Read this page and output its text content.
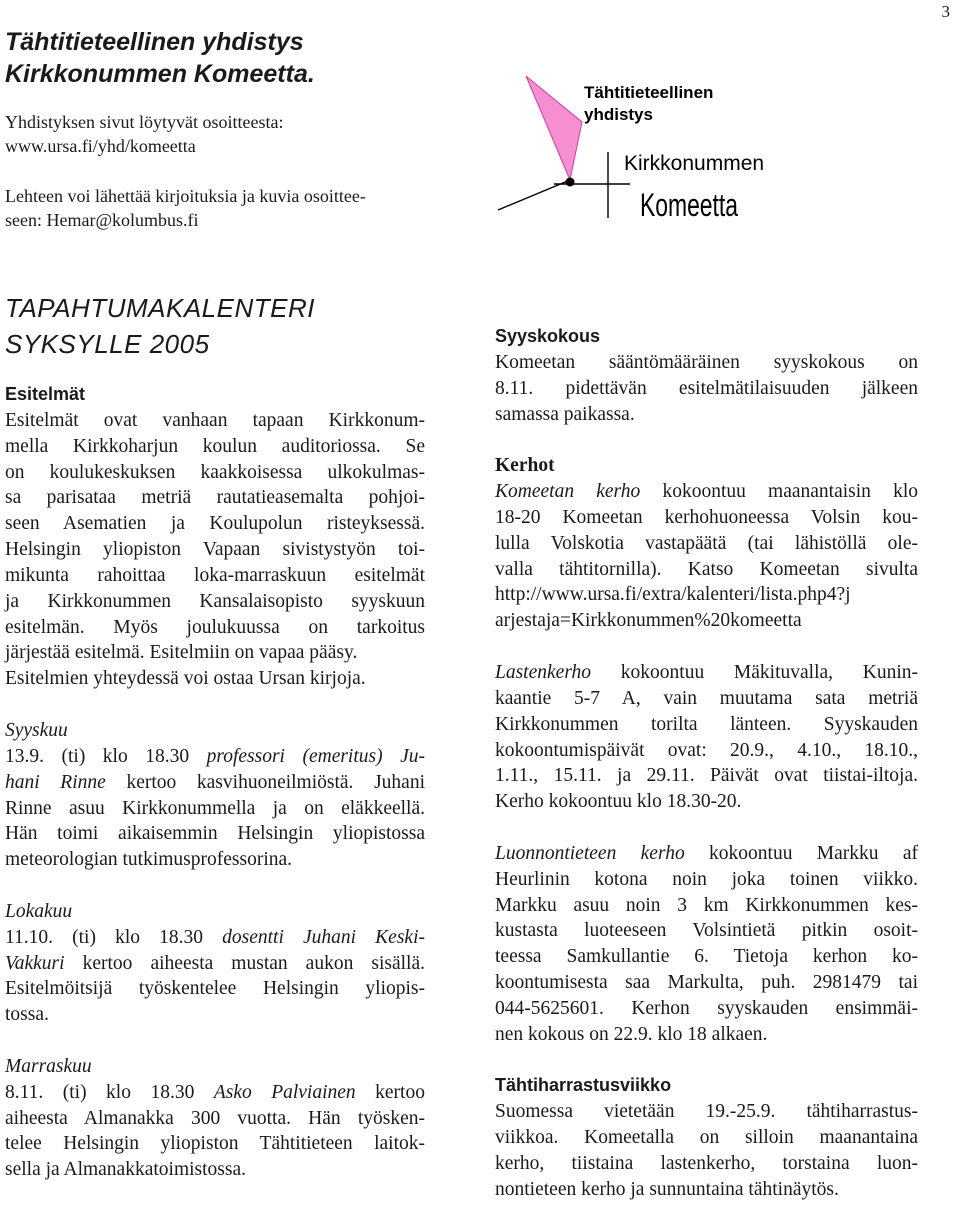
3
Tähtitieteellinen yhdistys
Kirkkonummen Komeetta.
Yhdistyksen sivut löytyvät osoitteesta:
www.ursa.fi/yhd/komeetta
Lehteen voi lähettää kirjoituksia ja kuvia osoittee-
seen: Hemar@kolumbus.fi
Tähtitieteellinen
yhdistys
Kirkkonummen
Komeetta
TAPAHTUMAKALENTERI
SYKSYLLE 2005
Esitelmät
Esitelmät ovat vanhaan tapaan Kirkkonum-
mella Kirkkoharjun koulun auditoriossa. Se
on koulukeskuksen kaakkoisessa ulkokulmas-
sa parisataa metriä rautatieasemalta pohjoi-
seen Asematien ja Koulupolun risteyksessä.
Helsingin yliopiston Vapaan sivistystyön toi-
mikunta rahoittaa loka-marraskuun esitelmät
ja Kirkkonummen Kansalaisopisto syyskuun
esitelmän. Myös joulukuussa on tarkoitus
järjestää esitelmä. Esitelmiin on vapaa pääsy.
Esitelmien yhteydessä voi ostaa Ursan kirjoja.
Syyskuu
13.9. (ti) klo 18.30 professori (emeritus) Ju-
hani Rinne kertoo kasvihuoneilmiöstä. Juhani
Rinne asuu Kirkkonummella ja on eläkkeellä.
Hän toimi aikaisemmin Helsingin yliopistossa
meteorologian tutkimusprofessorina.
Lokakuu
11.10. (ti) klo 18.30 dosentti Juhani Keski-
Vakkuri kertoo aiheesta mustan aukon sisällä.
Esitelmöitsijä työskentelee Helsingin yliopis-
tossa.
Marraskuu
8.11. (ti) klo 18.30 Asko Palviainen kertoo
aiheesta Almanakka 300 vuotta. Hän työsken-
telee Helsingin yliopiston Tähtitieteen laitok-
sella ja Almanakkatoimistossa.
Syyskokous
Komeetan sääntömääräinen syyskokous on
8.11. pidettävän esitelmätilaisuuden jälkeen
samassa paikassa.
Kerhot
Komeetan kerho kokoontuu maanantaisin klo
18-20 Komeetan kerhohuoneessa Volsin kou-
lulla Volskotia vastapäätä (tai lähistöllä ole-
valla tähtitornilla). Katso Komeetan sivulta
http://www.ursa.fi/extra/kalenteri/lista.php4?j
arjestaja=Kirkkonummen%20komeetta
Lastenkerho kokoontuu Mäkituvalla, Kunin-
kaantie 5-7 A, vain muutama sata metriä
Kirkkonummen torilta länteen. Syyskauden
kokoontumispäivät ovat: 20.9., 4.10., 18.10.,
1.11., 15.11. ja 29.11. Päivät ovat tiistai-iltoja.
Kerho kokoontuu klo 18.30-20.
Luonnontieteen kerho kokoontuu Markku af
Heurlinin kotona noin joka toinen viikko.
Markku asuu noin 3 km Kirkkonummen kes-
kustasta luoteeseen Volsintietä pitkin osoit-
teessa Samkullantie 6. Tietoja kerhon ko-
koontumisesta saa Markulta, puh. 2981479 tai
044-5625601. Kerhon syyskauden ensimmäi-
nen kokous on 22.9. klo 18 alkaen.
Tähtiharrastusviikko
Suomessa vietetään 19.-25.9. tähtiharrastus-
viikkoa. Komeetalla on silloin maanantaina
kerho, tiistaina lastenkerho, torstaina luon-
nontieteen kerho ja sunnuntaina tähtinäytös.
